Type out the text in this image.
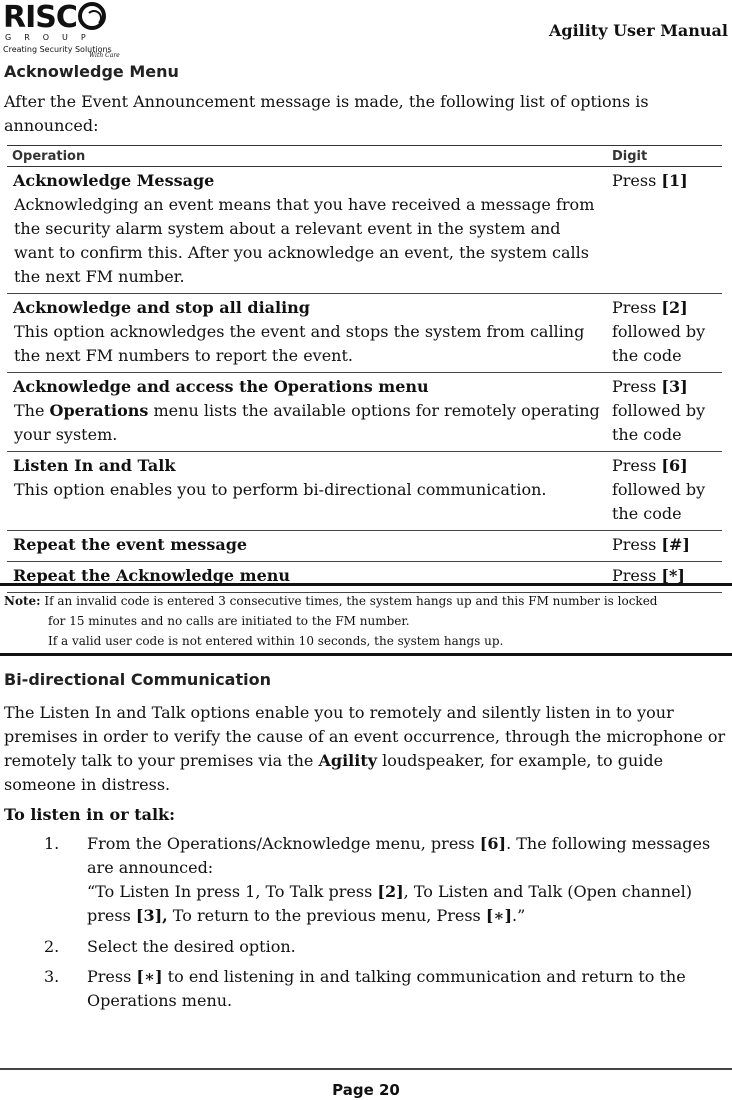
RISC
GROUP
Creating Security Solutions
With Care
Agility User Manual
Acknowledge Menu
After the Event Announcement message is made, the following list of options is announced:
Operation	Digit

Acknowledge Message
Acknowledging an event means that you have received a message from the security alarm system about a relevant event in the system and want to confirm this. After you acknowledge an event, the system calls the next FM number.	Press [1]

Acknowledge and stop all dialing
This option acknowledges the event and stops the system from calling the next FM numbers to report the event.	Press [2] followed by the code

Acknowledge and access the Operations menu
The Operations menu lists the available options for remotely operating your system.	Press [3] followed by the code

Listen In and Talk
This option enables you to perform bi-directional communication.	Press [6] followed by the code

Repeat the event message	Press [#]

Repeat the Acknowledge menu	Press [*]
Note: If an invalid code is entered 3 consecutive times, the system hangs up and this FM number is locked
for 15 minutes and no calls are initiated to the FM number.
If a valid user code is not entered within 10 seconds, the system hangs up.
Bi-directional Communication
The Listen In and Talk options enable you to remotely and silently listen in to your premises in order to verify the cause of an event occurrence, through the microphone or remotely talk to your premises via the Agility loudspeaker, for example, to guide someone in distress.
To listen in or talk:
1. From the Operations/Acknowledge menu, press [6]. The following messages are announced:
“To Listen In press 1, To Talk press [2], To Listen and Talk (Open channel) press [3], To return to the previous menu, Press [∗].”
2. Select the desired option.
3. Press [∗] to end listening in and talking communication and return to the Operations menu.
Page 20
